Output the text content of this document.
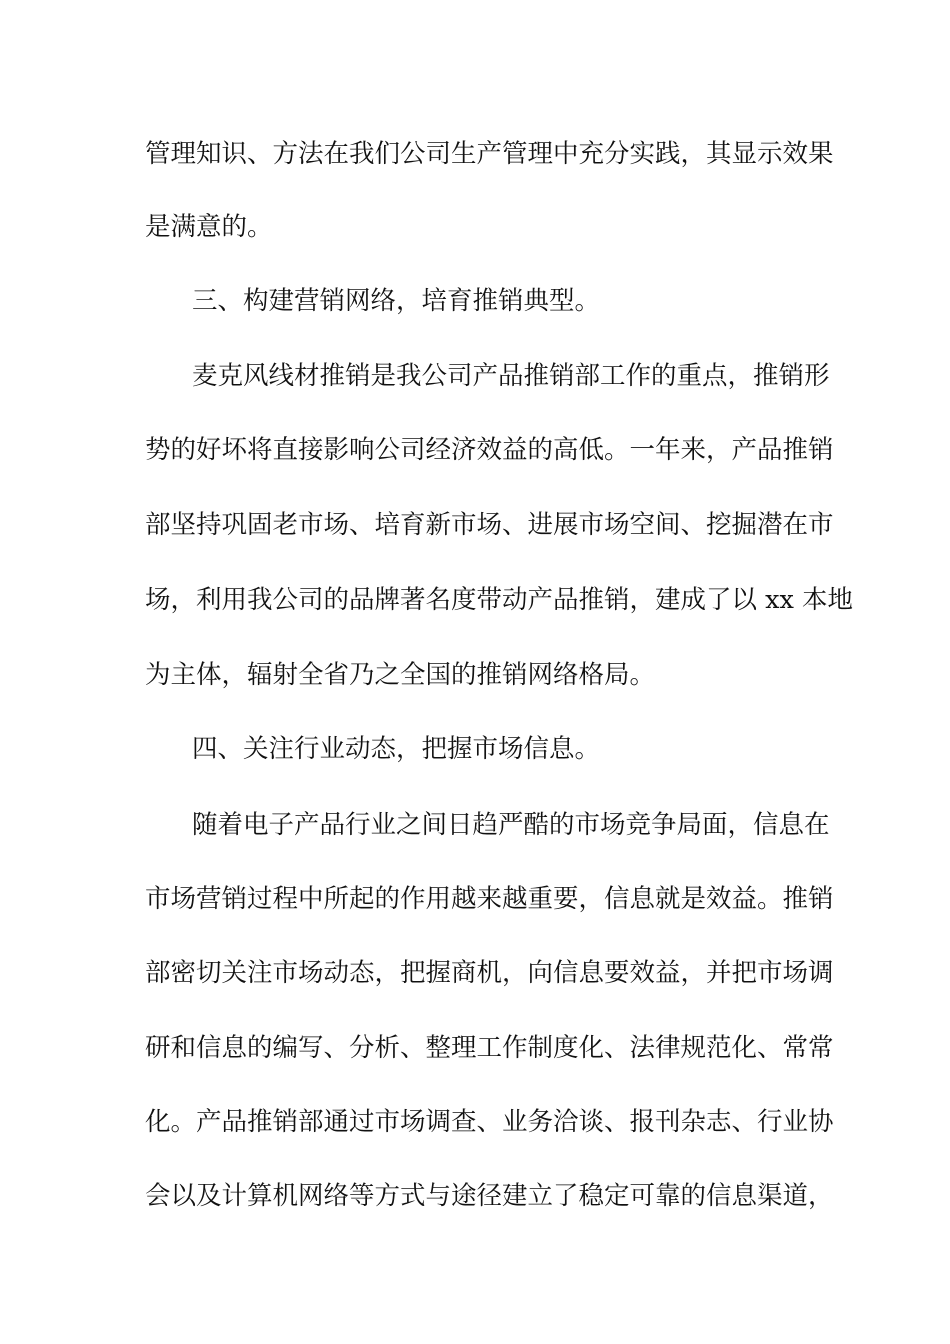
管理知识、方法在我们公司生产管理中充分实践，其显示效果
是满意的。
三、构建营销网络，培育推销典型。
麦克风线材推销是我公司产品推销部工作的重点，推销形
势的好坏将直接影响公司经济效益的高低。一年来，产品推销
部坚持巩固老市场、培育新市场、进展市场空间、挖掘潜在市
场，利用我公司的品牌著名度带动产品推销，建成了以 xx 本地
为主体，辐射全省乃之全国的推销网络格局。
四、关注行业动态，把握市场信息。
随着电子产品行业之间日趋严酷的市场竞争局面，信息在
市场营销过程中所起的作用越来越重要，信息就是效益。推销
部密切关注市场动态，把握商机，向信息要效益，并把市场调
研和信息的编写、分析、整理工作制度化、法律规范化、常常
化。产品推销部通过市场调查、业务洽谈、报刊杂志、行业协
会以及计算机网络等方式与途径建立了稳定可靠的信息渠道，
